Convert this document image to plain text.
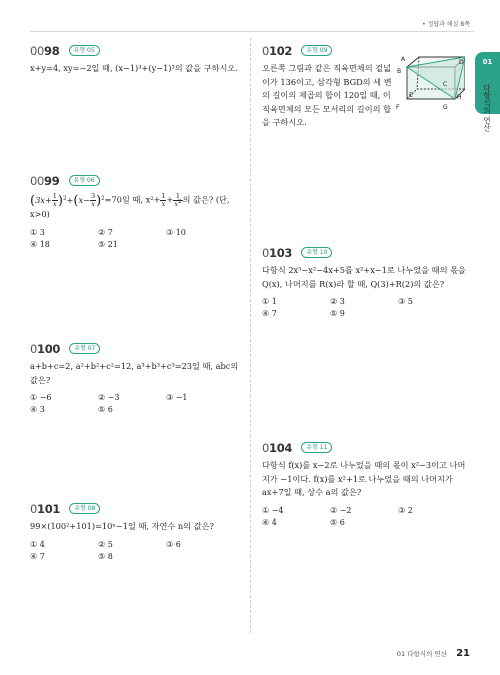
• 정답과 해설 8쪽
01
다항식의 연산
0098 유형 05
x+y=4, xy=−2일 때, (x−1)³+(y−1)³의 값을 구하시오.
0099 유형 06
$(3x+ \frac{1}{x} )^2+(x- \frac{3}{x} )^2=70$일 때, $x^2+ \frac{1}{x} + \frac{1}{x^2}$ 의 값은? (단, x>0)
① 3	② 7	③ 10
④ 18	⑤ 21
0100 유형 07
a+b+c=2, a²+b²+c²=12, a³+b³+c³=23일 때, abc의 값은?
① −6	② −3	③ −1
④ 3	⑤ 6
0101 유형 08
99×(100²+101)=10ⁿ−1일 때, 자연수 n의 값은?
① 4	② 5	③ 6
④ 7	⑤ 8
0102 유형 09
오른쪽 그림과 같은 직육면체의 겉넓이가 136이고, 삼각형 BGD의 세 변의 길이의 제곱의 합이 120일 때, 이 직육면체의 모든 모서리의 길이의 합을 구하시오.
A
B
C
D
E
F	G
H
0103 유형 10
다항식 2x³−x²−4x+5를 x²+x−1로 나누었을 때의 몫을 Q(x), 나머지를 R(x)라 할 때, Q(3)+R(2)의 값은?
① 1	② 3	③ 5
④ 7	⑤ 9
0104 유형 11
다항식 f(x)를 x−2로 나누었을 때의 몫이 x²−3이고 나머지가 −1이다. f(x)를 x²+1로 나누었을 때의 나머지가 ax+7일 때, 상수 a의 값은?
① −4	② −2	③ 2
④ 4	⑤ 6
01 다항식의 연산 21
